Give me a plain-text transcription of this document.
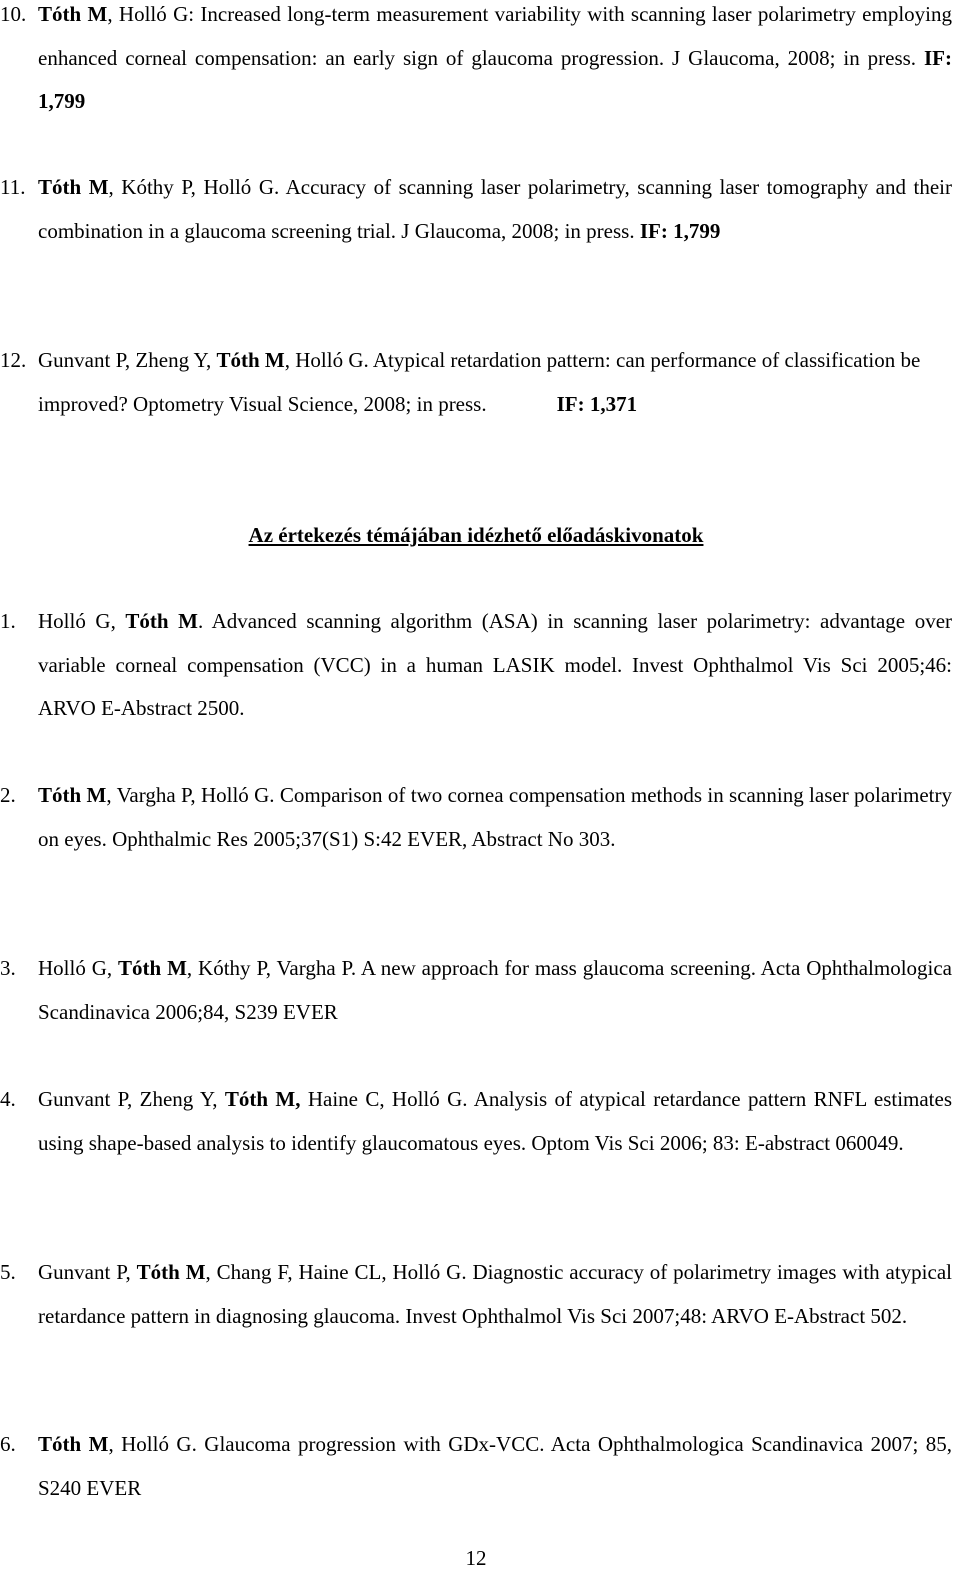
10. Tóth M, Holló G: Increased long-term measurement variability with scanning laser polarimetry employing enhanced corneal compensation: an early sign of glaucoma progression. J Glaucoma, 2008; in press. IF: 1,799
11. Tóth M, Kóthy P, Holló G. Accuracy of scanning laser polarimetry, scanning laser tomography and their combination in a glaucoma screening trial. J Glaucoma, 2008; in press. IF: 1,799
12. Gunvant P, Zheng Y, Tóth M, Holló G. Atypical retardation pattern: can performance of classification be improved? Optometry Visual Science, 2008; in press.	IF: 1,371
Az értekezés témájában idézhető előadáskivonatok
1.	Holló G, Tóth M. Advanced scanning algorithm (ASA) in scanning laser polarimetry: advantage over variable corneal compensation (VCC) in a human LASIK model. Invest Ophthalmol Vis Sci 2005;46: ARVO E-Abstract 2500.
2.	Tóth M, Vargha P, Holló G. Comparison of two cornea compensation methods in scanning laser polarimetry on eyes. Ophthalmic Res 2005;37(S1) S:42 EVER, Abstract No 303.
3.	Holló G, Tóth M, Kóthy P, Vargha P. A new approach for mass glaucoma screening. Acta Ophthalmologica Scandinavica 2006;84, S239 EVER
4.	Gunvant P, Zheng Y, Tóth M, Haine C, Holló G. Analysis of atypical retardance pattern RNFL estimates using shape-based analysis to identify glaucomatous eyes. Optom Vis Sci 2006; 83: E-abstract 060049.
5.	Gunvant P, Tóth M, Chang F, Haine CL, Holló G. Diagnostic accuracy of polarimetry images with atypical retardance pattern in diagnosing glaucoma. Invest Ophthalmol Vis Sci 2007;48: ARVO E-Abstract 502.
6.	Tóth M, Holló G. Glaucoma progression with GDx-VCC. Acta Ophthalmologica Scandinavica 2007; 85, S240 EVER
12
